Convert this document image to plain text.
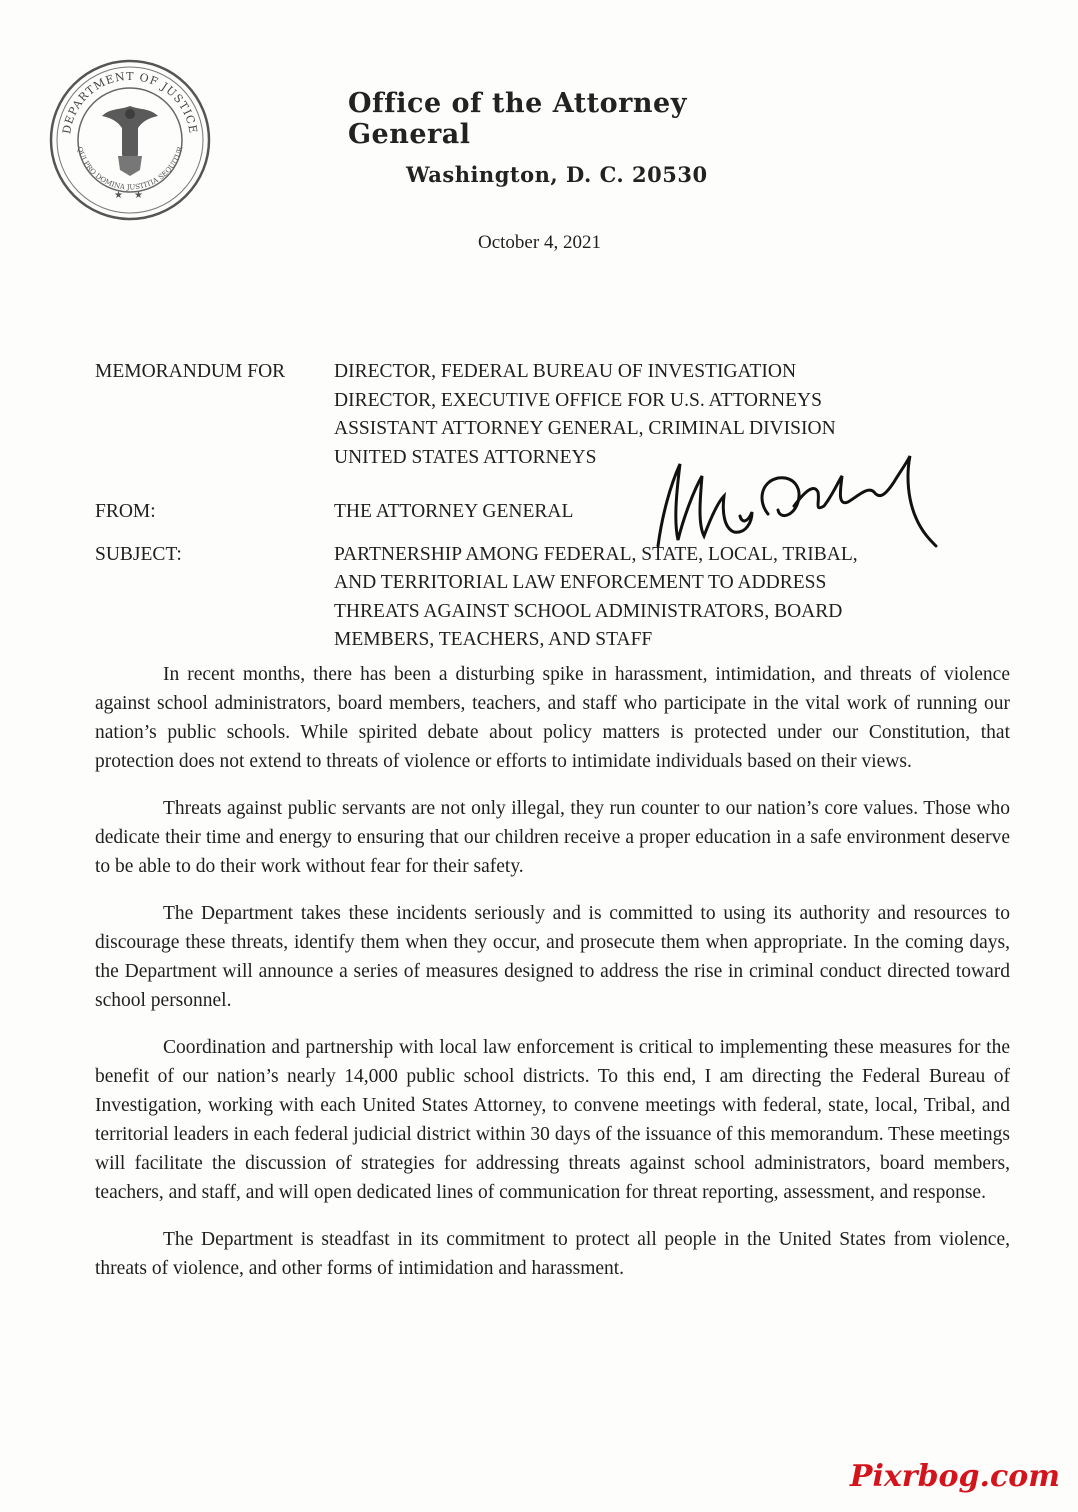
DEPARTMENT OF JUSTICE
QUI PRO DOMINA JUSTITIA SEQUITUR
★ ★
Office of the Attorney General
Washington, D. C. 20530
October 4, 2021
MEMORANDUM FOR	DIRECTOR, FEDERAL BUREAU OF INVESTIGATION
DIRECTOR, EXECUTIVE OFFICE FOR U.S. ATTORNEYS
ASSISTANT ATTORNEY GENERAL, CRIMINAL DIVISION
UNITED STATES ATTORNEYS
FROM:	THE ATTORNEY GENERAL
SUBJECT:	PARTNERSHIP AMONG FEDERAL, STATE, LOCAL, TRIBAL,
AND TERRITORIAL LAW ENFORCEMENT TO ADDRESS
THREATS AGAINST SCHOOL ADMINISTRATORS, BOARD
MEMBERS, TEACHERS, AND STAFF

In recent months, there has been a disturbing spike in harassment, intimidation, and threats of violence against school administrators, board members, teachers, and staff who participate in the vital work of running our nation’s public schools. While spirited debate about policy matters is protected under our Constitution, that protection does not extend to threats of violence or efforts to intimidate individuals based on their views.

Threats against public servants are not only illegal, they run counter to our nation’s core values. Those who dedicate their time and energy to ensuring that our children receive a proper education in a safe environment deserve to be able to do their work without fear for their safety.

The Department takes these incidents seriously and is committed to using its authority and resources to discourage these threats, identify them when they occur, and prosecute them when appropriate. In the coming days, the Department will announce a series of measures designed to address the rise in criminal conduct directed toward school personnel.

Coordination and partnership with local law enforcement is critical to implementing these measures for the benefit of our nation’s nearly 14,000 public school districts. To this end, I am directing the Federal Bureau of Investigation, working with each United States Attorney, to convene meetings with federal, state, local, Tribal, and territorial leaders in each federal judicial district within 30 days of the issuance of this memorandum. These meetings will facilitate the discussion of strategies for addressing threats against school administrators, board members, teachers, and staff, and will open dedicated lines of communication for threat reporting, assessment, and response.

The Department is steadfast in its commitment to protect all people in the United States from violence, threats of violence, and other forms of intimidation and harassment.

Pixrbog.com
